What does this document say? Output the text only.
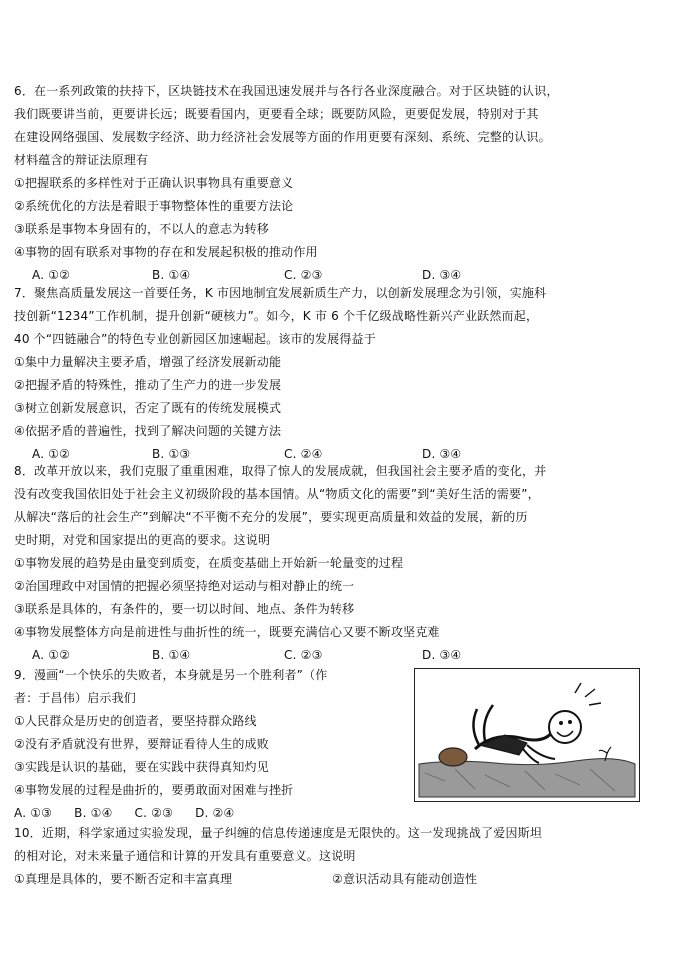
6．在一系列政策的扶持下，区块链技术在我国迅速发展并与各行各业深度融合。对于区块链的认识，

我们既要讲当前，更要讲长远；既要看国内，更要看全球；既要防风险，更要促发展，特别对于其

在建设网络强国、发展数字经济、助力经济社会发展等方面的作用更要有深刻、系统、完整的认识。

材料蕴含的辩证法原理有

①把握联系的多样性对于正确认识事物具有重要意义

②系统优化的方法是着眼于事物整体性的重要方法论

③联系是事物本身固有的，不以人的意志为转移

④事物的固有联系对事物的存在和发展起积极的推动作用

A. ①②	B. ①④	C. ②③	D. ③④

7．聚焦高质量发展这一首要任务，K 市因地制宜发展新质生产力，以创新发展理念为引领，实施科

技创新“1234”工作机制，提升创新“硬核力”。如今，K 市 6 个千亿级战略性新兴产业跃然而起，

40 个“四链融合”的特色专业创新园区加速崛起。该市的发展得益于

①集中力量解决主要矛盾，增强了经济发展新动能

②把握矛盾的特殊性，推动了生产力的进一步发展

③树立创新发展意识，否定了既有的传统发展模式

④依据矛盾的普遍性，找到了解决问题的关键方法

A. ①②	B. ①③	C. ②④	D. ③④

8．改革开放以来，我们克服了重重困难，取得了惊人的发展成就，但我国社会主要矛盾的变化，并

没有改变我国依旧处于社会主义初级阶段的基本国情。从“物质文化的需要”到“美好生活的需要”，

从解决“落后的社会生产”到解决“不平衡不充分的发展”，要实现更高质量和效益的发展，新的历

史时期，对党和国家提出的更高的要求。这说明

①事物发展的趋势是由量变到质变，在质变基础上开始新一轮量变的过程

②治国理政中对国情的把握必须坚持绝对运动与相对静止的统一

③联系是具体的，有条件的，要一切以时间、地点、条件为转移

④事物发展整体方向是前进性与曲折性的统一，既要充满信心又要不断攻坚克难

A. ①②	B. ①④	C. ②③	D. ③④

9．漫画“一个快乐的失败者，本身就是另一个胜利者”（作

者：于昌伟）启示我们

①人民群众是历史的创造者，要坚持群众路线

②没有矛盾就没有世界，要辩证看待人生的成败

③实践是认识的基础，要在实践中获得真知灼见

④事物发展的过程是曲折的，要勇敢面对困难与挫折

A. ①③ B. ①④ C. ②③ D. ②④

10．近期，科学家通过实验发现，量子纠缠的信息传递速度是无限快的。这一发现挑战了爱因斯坦

的相对论，对未来量子通信和计算的开发具有重要意义。这说明

①真理是具体的，要不断否定和丰富真理	②意识活动具有能动创造性
